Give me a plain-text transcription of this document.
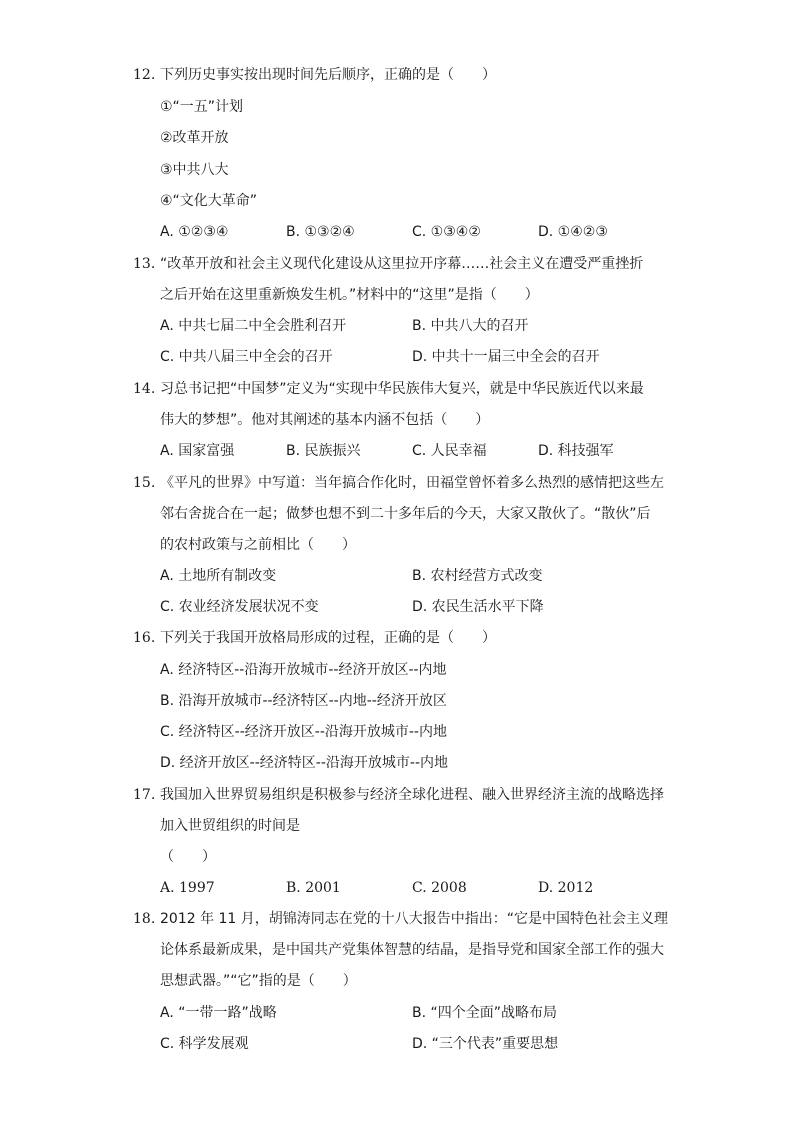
12. 下列历史事实按出现时间先后顺序，正确的是（　　）
①“一五”计划
②改革开放
③中共八大
④“文化大革命”
A. ①②③④	B. ①③②④	C. ①③④②	D. ①④②③
13. “改革开放和社会主义现代化建设从这里拉开序幕……社会主义在遭受严重挫折
之后开始在这里重新焕发生机。”材料中的“这里”是指（　　）
A. 中共七届二中全会胜利召开	B. 中共八大的召开
C. 中共八届三中全会的召开	D. 中共十一届三中全会的召开
14. 习总书记把“中国梦”定义为“实现中华民族伟大复兴，就是中华民族近代以来最
伟大的梦想”。他对其阐述的基本内涵不包括（　　）
A. 国家富强	B. 民族振兴	C. 人民幸福	D. 科技强军
15. 《平凡的世界》中写道：当年搞合作化时，田福堂曾怀着多么热烈的感情把这些左
邻右舍拢合在一起；做梦也想不到二十多年后的今天，大家又散伙了。“散伙”后
的农村政策与之前相比（　　）
A. 土地所有制改变	B. 农村经营方式改变
C. 农业经济发展状况不变	D. 农民生活水平下降
16. 下列关于我国开放格局形成的过程，正确的是（　　）
A. 经济特区--沿海开放城市--经济开放区--内地
B. 沿海开放城市--经济特区--内地--经济开放区
C. 经济特区--经济开放区--沿海开放城市--内地
D. 经济开放区--经济特区--沿海开放城市--内地
17. 我国加入世界贸易组织是积极参与经济全球化进程、融入世界经济主流的战略选择
加入世贸组织的时间是
（　　）
A. 1997	B. 2001	C. 2008	D. 2012
18. 2012 年 11 月，胡锦涛同志在党的十八大报告中指出：“它是中国特色社会主义理
论体系最新成果，是中国共产党集体智慧的结晶，是指导党和国家全部工作的强大
思想武器。”“它”指的是（　　）
A. “一带一路”战略	B. “四个全面”战略布局
C. 科学发展观	D. “三个代表”重要思想
